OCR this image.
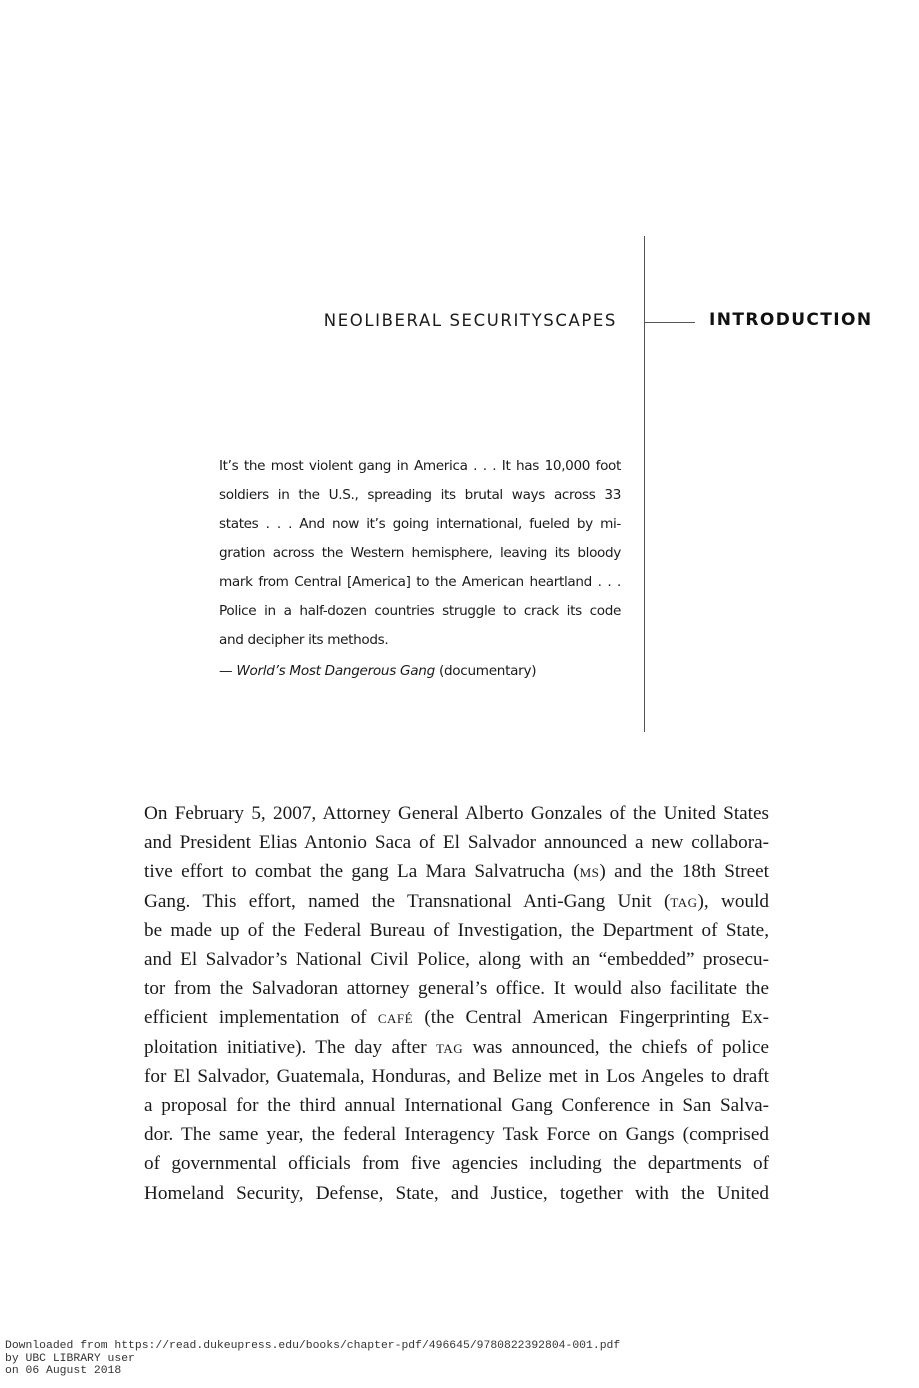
NEOLIBERAL SECURITYSCAPES	INTRODUCTION
It’s the most violent gang in America . . . It has 10,000 foot
soldiers in the U.S., spreading its brutal ways across 33
states . . . And now it’s going international, fueled by mi-
gration across the Western hemisphere, leaving its bloody
mark from Central [America] to the American heartland . . .
Police in a half-dozen countries struggle to crack its code
and decipher its methods.
— World’s Most Dangerous Gang (documentary)
On February 5, 2007, Attorney General Alberto Gonzales of the United States
and President Elias Antonio Saca of El Salvador announced a new collabora-
tive effort to combat the gang La Mara Salvatrucha (ms) and the 18th Street
Gang. This effort, named the Transnational Anti-Gang Unit (tag), would
be made up of the Federal Bureau of Investigation, the Department of State,
and El Salvador’s National Civil Police, along with an “embedded” prosecu-
tor from the Salvadoran attorney general’s office. It would also facilitate the
efficient implementation of café (the Central American Fingerprinting Ex-
ploitation initiative). The day after tag was announced, the chiefs of police
for El Salvador, Guatemala, Honduras, and Belize met in Los Angeles to draft
a proposal for the third annual International Gang Conference in San Salva-
dor. The same year, the federal Interagency Task Force on Gangs (comprised
of governmental officials from five agencies including the departments of
Homeland Security, Defense, State, and Justice, together with the United
Downloaded from https://read.dukeupress.edu/books/chapter-pdf/496645/9780822392804-001.pdf
by UBC LIBRARY user
on 06 August 2018
